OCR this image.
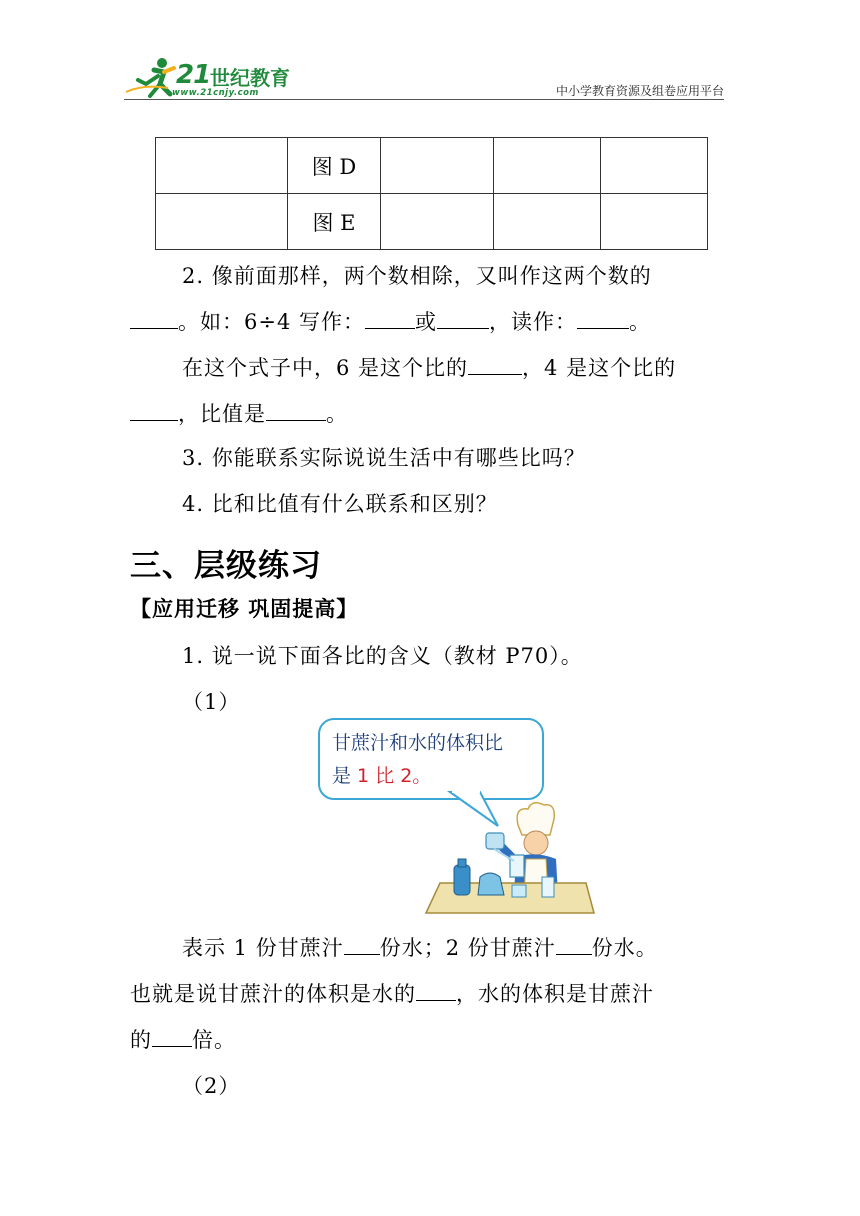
21 世纪教育
www.21cnjy.com	中小学教育资源及组卷应用平台
	图 D			
	图 E			
2. 像前面那样，两个数相除，又叫作这两个数的
。如：6÷4 写作： 或 ，读作： 。
在这个式子中，6 是这个比的	，4 是这个比的
，比值是	。
3. 你能联系实际说说生活中有哪些比吗？
4. 比和比值有什么联系和区别？
三、层级练习
【应用迁移 巩固提高】
1. 说一说下面各比的含义（教材 P70）。
（1）
甘蔗汁和水的体积比
是 1 比 2。
表示 1 份甘蔗汁 份水；2 份甘蔗汁 份水。
也就是说甘蔗汁的体积是水的 ，水的体积是甘蔗汁
的 倍。
（2）
